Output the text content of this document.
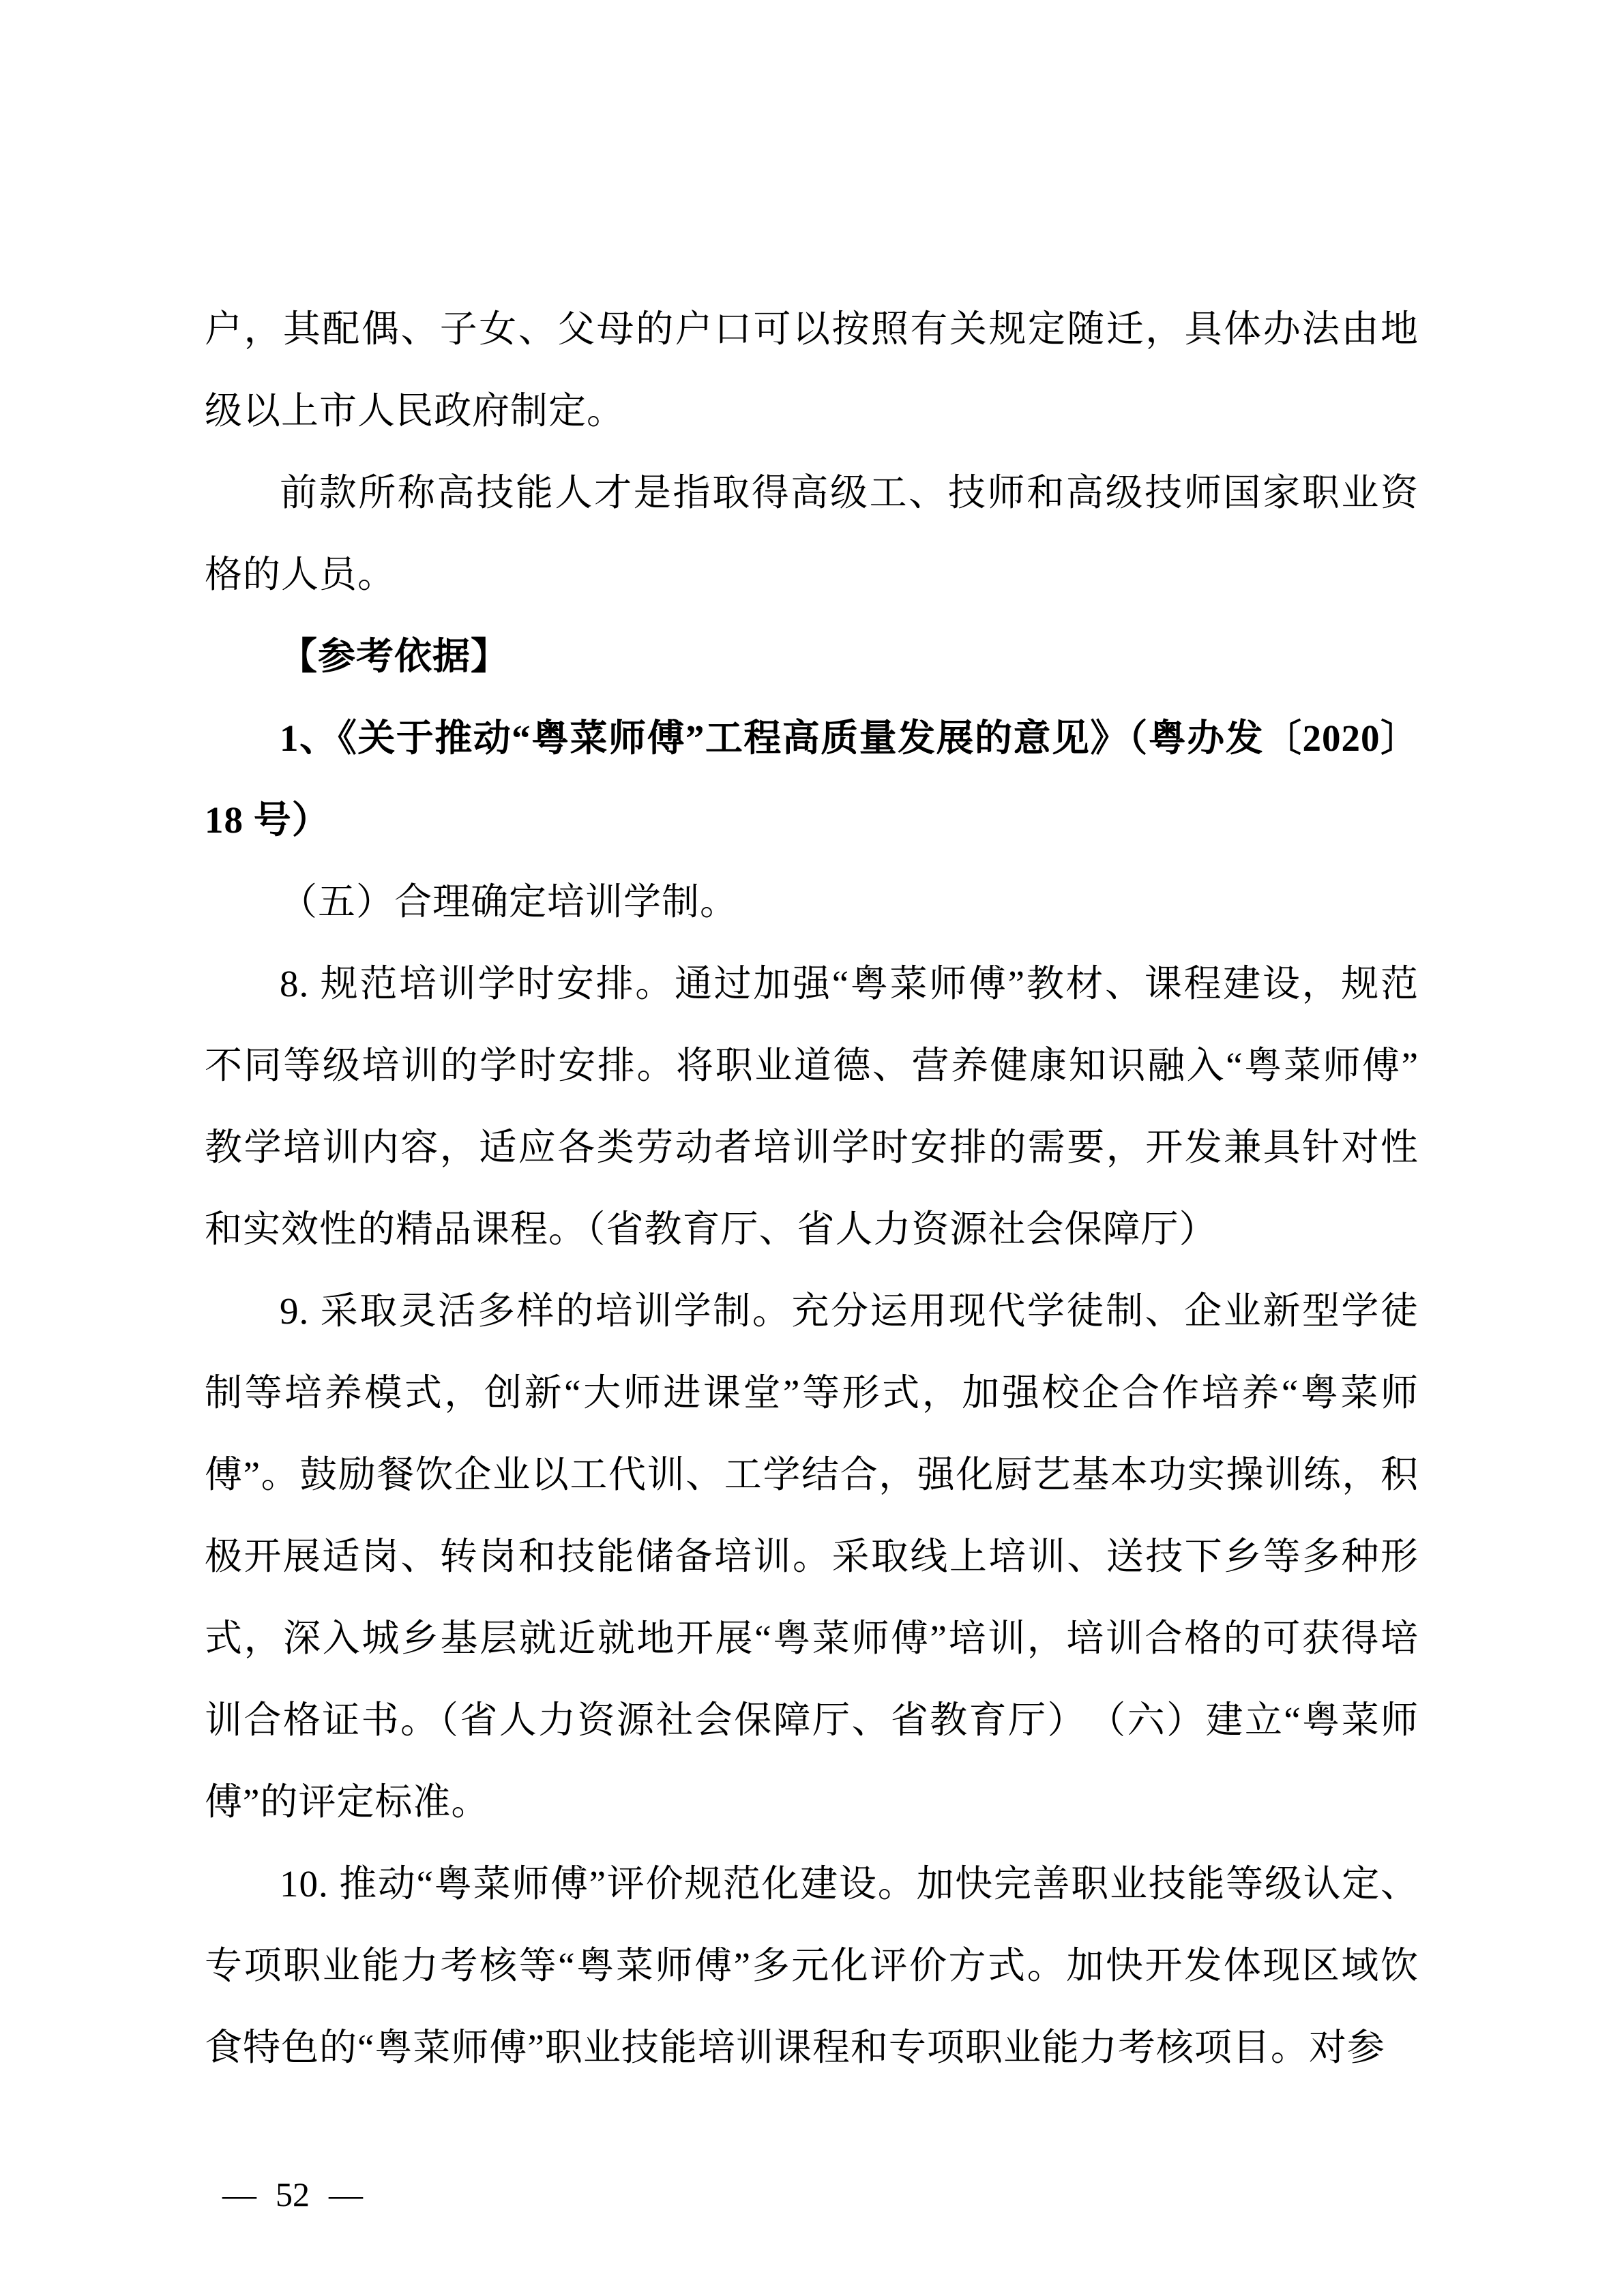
户，其配偶、子女、父母的户口可以按照有关规定随迁，具体办法由地级以上市人民政府制定。

前款所称高技能人才是指取得高级工、技师和高级技师国家职业资格的人员。

【参考依据】

1、《关于推动“粤菜师傅”工程高质量发展的意见》（粤办发〔2020〕18 号）

（五）合理确定培训学制。

8. 规范培训学时安排。通过加强“粤菜师傅”教材、课程建设，规范不同等级培训的学时安排。将职业道德、营养健康知识融入“粤菜师傅”教学培训内容，适应各类劳动者培训学时安排的需要，开发兼具针对性和实效性的精品课程。（省教育厅、省人力资源社会保障厅）

9. 采取灵活多样的培训学制。充分运用现代学徒制、企业新型学徒制等培养模式，创新“大师进课堂”等形式，加强校企合作培养“粤菜师傅”。鼓励餐饮企业以工代训、工学结合，强化厨艺基本功实操训练，积极开展适岗、转岗和技能储备培训。采取线上培训、送技下乡等多种形式，深入城乡基层就近就地开展“粤菜师傅”培训，培训合格的可获得培训合格证书。（省人力资源社会保障厅、省教育厅）　（六）建立“粤菜师傅”的评定标准。

10. 推动“粤菜师傅”评价规范化建设。加快完善职业技能等级认定、专项职业能力考核等“粤菜师傅”多元化评价方式。加快开发体现区域饮食特色的“粤菜师傅”职业技能培训课程和专项职业能力考核项目。对参

— 52 —
